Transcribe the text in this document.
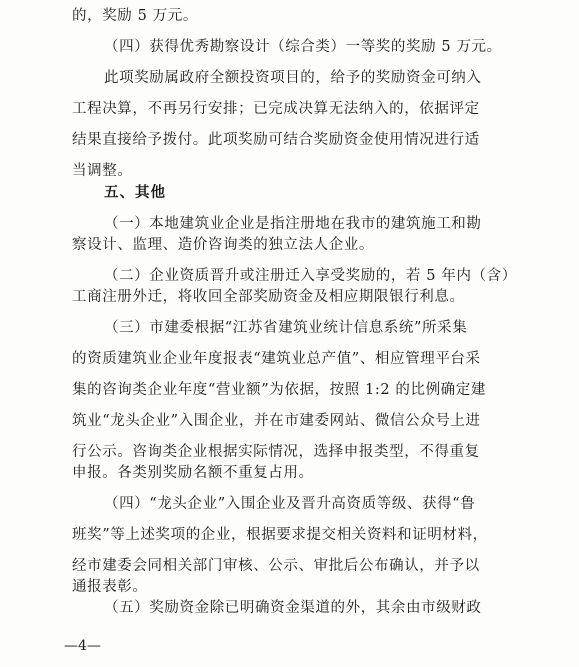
的，奖励 5 万元。
（四）获得优秀勘察设计（综合类）一等奖的奖励 5 万元。
此项奖励属政府全额投资项目的，给予的奖励资金可纳入
工程决算，不再另行安排；已完成决算无法纳入的，依据评定
结果直接给予拨付。此项奖励可结合奖励资金使用情况进行适
当调整。
五、其他
（一）本地建筑业企业是指注册地在我市的建筑施工和勘
察设计、监理、造价咨询类的独立法人企业。
（二）企业资质晋升或注册迁入享受奖励的，若 5 年内（含）
工商注册外迁，将收回全部奖励资金及相应期限银行利息。
（三）市建委根据“江苏省建筑业统计信息系统”所采集
的资质建筑业企业年度报表“建筑业总产值”、相应管理平台采
集的咨询类企业年度“营业额”为依据，按照 1:2 的比例确定建
筑业“龙头企业”入围企业，并在市建委网站、微信公众号上进
行公示。咨询类企业根据实际情况，选择申报类型，不得重复
申报。各类别奖励名额不重复占用。
（四）“龙头企业”入围企业及晋升高资质等级、获得“鲁
班奖”等上述奖项的企业，根据要求提交相关资料和证明材料，
经市建委会同相关部门审核、公示、审批后公布确认，并予以
通报表彰。
（五）奖励资金除已明确资金渠道的外，其余由市级财政
—4—
